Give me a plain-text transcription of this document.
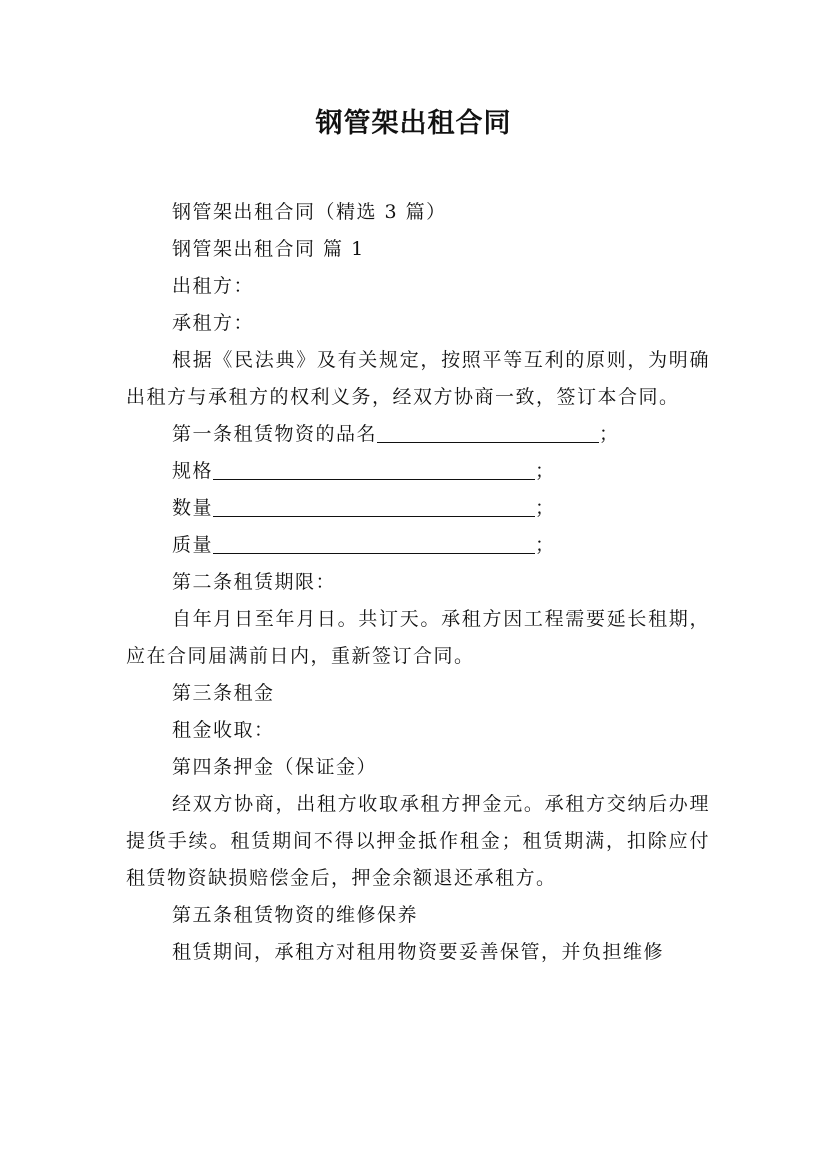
钢管架出租合同

钢管架出租合同（精选 3 篇）

钢管架出租合同 篇 1

出租方：

承租方：

根据《民法典》及有关规定，按照平等互利的原则，为明确出租方与承租方的权利义务，经双方协商一致，签订本合同。

第一条租赁物资的品名	；

规格	；

数量	；

质量	；

第二条租赁期限：

自年月日至年月日。共订天。承租方因工程需要延长租期，应在合同届满前日内，重新签订合同。

第三条租金

租金收取：

第四条押金（保证金）

经双方协商，出租方收取承租方押金元。承租方交纳后办理提货手续。租赁期间不得以押金抵作租金；租赁期满，扣除应付租赁物资缺损赔偿金后，押金余额退还承租方。

第五条租赁物资的维修保养

租赁期间，承租方对租用物资要妥善保管，并负担维修
